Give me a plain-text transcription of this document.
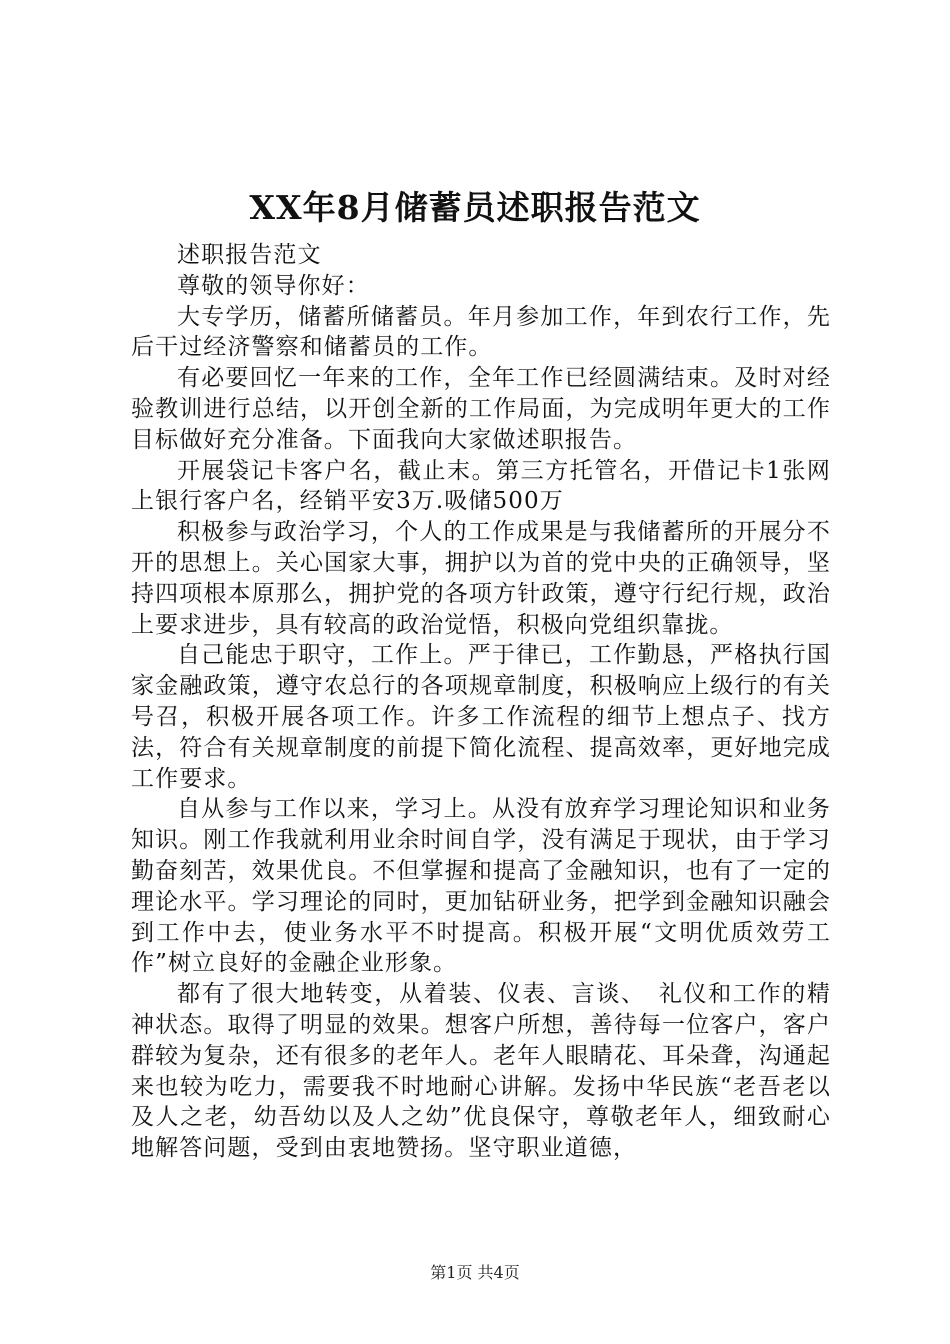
XX年8月储蓄员述职报告范文

述职报告范文

尊敬的领导你好：

大专学历，储蓄所储蓄员。年月参加工作，年到农行工作，先后干过经济警察和储蓄员的工作。

有必要回忆一年来的工作，全年工作已经圆满结束。及时对经验教训进行总结，以开创全新的工作局面，为完成明年更大的工作目标做好充分准备。下面我向大家做述职报告。

开展袋记卡客户名，截止末。第三方托管名，开借记卡1张网上银行客户名，经销平安3万.吸储500万

积极参与政治学习，个人的工作成果是与我储蓄所的开展分不开的思想上。关心国家大事，拥护以为首的党中央的正确领导，坚持四项根本原那么，拥护党的各项方针政策，遵守行纪行规，政治上要求进步，具有较高的政治觉悟，积极向党组织靠拢。

自己能忠于职守，工作上。严于律已，工作勤恳，严格执行国家金融政策，遵守农总行的各项规章制度，积极响应上级行的有关号召，积极开展各项工作。许多工作流程的细节上想点子、找方法，符合有关规章制度的前提下简化流程、提高效率，更好地完成工作要求。

自从参与工作以来，学习上。从没有放弃学习理论知识和业务知识。刚工作我就利用业余时间自学，没有满足于现状，由于学习勤奋刻苦，效果优良。不但掌握和提高了金融知识，也有了一定的理论水平。学习理论的同时，更加钻研业务，把学到金融知识融会到工作中去，使业务水平不时提高。积极开展“文明优质效劳工作”树立良好的金融企业形象。

都有了很大地转变，从着装、仪表、言谈、　礼仪和工作的精神状态。取得了明显的效果。想客户所想，善待每一位客户，客户群较为复杂，还有很多的老年人。老年人眼睛花、耳朵聋，沟通起来也较为吃力，需要我不时地耐心讲解。发扬中华民族“老吾老以及人之老，幼吾幼以及人之幼”优良保守，尊敬老年人，细致耐心地解答问题，受到由衷地赞扬。坚守职业道德，

第1页 共4页
